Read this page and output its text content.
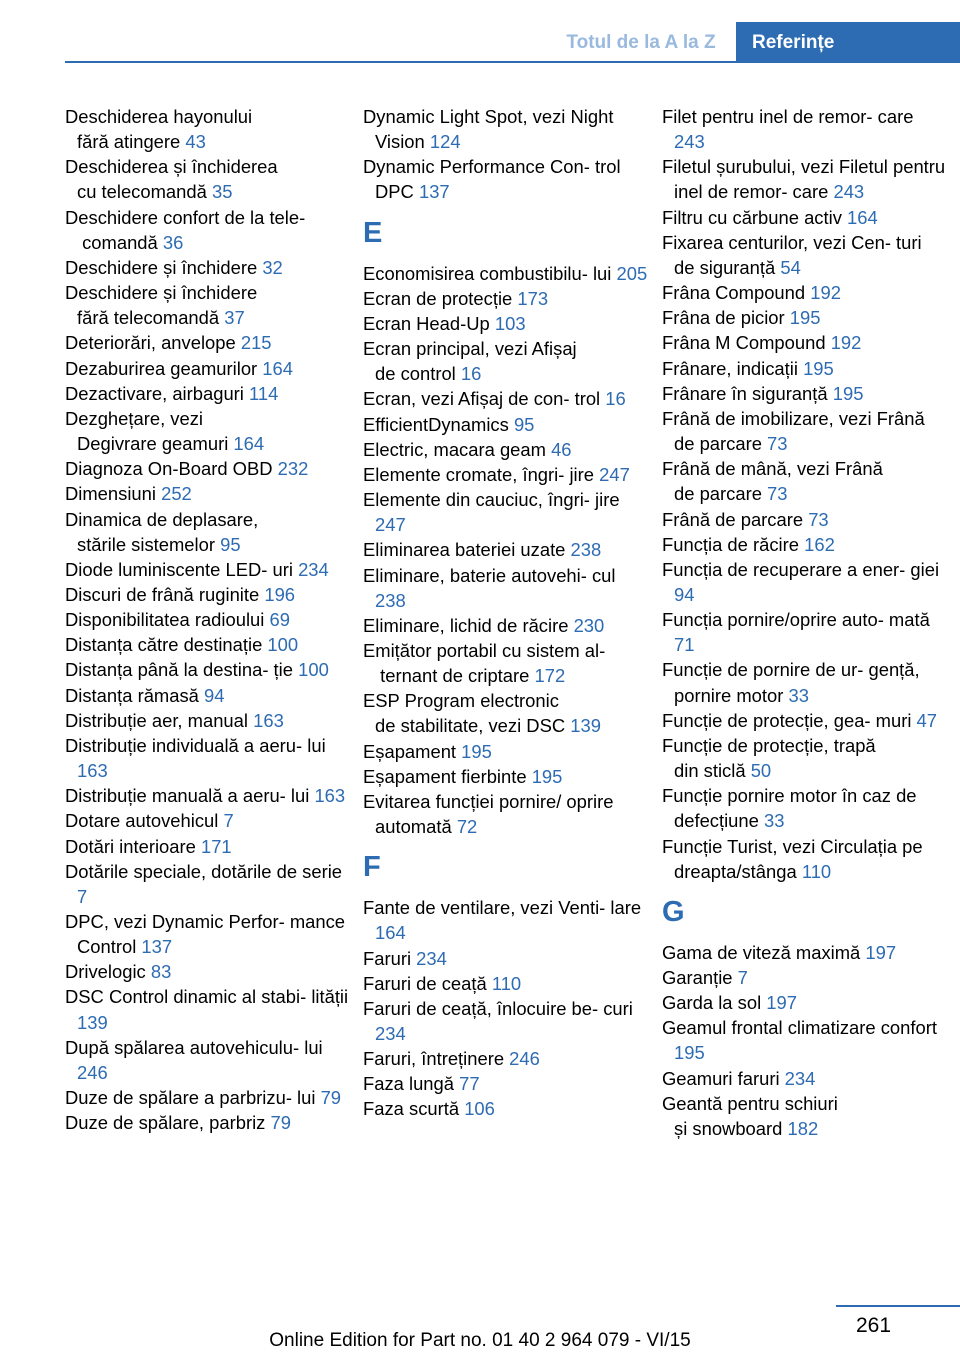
Totul de la A la Z	Referințe
Deschiderea hayonului fără atingere 43
Deschiderea și închiderea cu telecomandă 35
Deschidere confort de la tele‐ comandă 36
Deschidere și închidere 32
Deschidere și închidere fără telecomandă 37
Deteriorări, anvelope 215
Dezaburirea geamurilor 164
Dezactivare, airbaguri 114
Dezghețare, vezi Degivrare geamuri 164
Diagnoza On-Board OBD 232
Dimensiuni 252
Dinamica de deplasare, stările sistemelor 95
Diode luminiscente LED- uri 234
Discuri de frână ruginite 196
Disponibilitatea radioului 69
Distanța către destinație 100
Distanța până la destina‐ ție 100
Distanța rămasă 94
Distribuție aer, manual 163
Distribuție individuală a aeru‐ lui 163
Distribuție manuală a aeru‐ lui 163
Dotare autovehicul 7
Dotări interioare 171
Dotările speciale, dotările de serie 7
DPC, vezi Dynamic Perfor‐ mance Control 137
Drivelogic 83
DSC Control dinamic al stabi‐ lității 139
După spălarea autovehiculu‐ lui 246
Duze de spălare a parbrizu‐ lui 79
Duze de spălare, parbriz 79
Dynamic Light Spot, vezi Night Vision 124
Dynamic Performance Con‐ trol DPC 137
E
Economisirea combustibilu‐ lui 205
Ecran de protecție 173
Ecran Head-Up 103
Ecran principal, vezi Afișaj de control 16
Ecran, vezi Afișaj de con‐ trol 16
EfficientDynamics 95
Electric, macara geam 46
Elemente cromate, îngri‐ jire 247
Elemente din cauciuc, îngri‐ jire 247
Eliminarea bateriei uzate 238
Eliminare, baterie autovehi‐ cul 238
Eliminare, lichid de răcire 230
Emițător portabil cu sistem al‐ ternant de criptare 172
ESP Program electronic de stabilitate, vezi DSC 139
Eșapament 195
Eșapament fierbinte 195
Evitarea funcției pornire/ oprire automată 72
F
Fante de ventilare, vezi Venti‐ lare 164
Faruri 234
Faruri de ceață 110
Faruri de ceață, înlocuire be‐ curi 234
Faruri, întreținere 246
Faza lungă 77
Faza scurtă 106
Filet pentru inel de remor‐ care 243
Filetul șurubului, vezi Filetul pentru inel de remor‐ care 243
Filtru cu cărbune activ 164
Fixarea centurilor, vezi Cen‐ turi de siguranță 54
Frâna Compound 192
Frâna de picior 195
Frâna M Compound 192
Frânare, indicații 195
Frânare în siguranță 195
Frână de imobilizare, vezi Frână de parcare 73
Frână de mână, vezi Frână de parcare 73
Frână de parcare 73
Funcția de răcire 162
Funcția de recuperare a ener‐ giei 94
Funcția pornire/oprire auto‐ mată 71
Funcție de pornire de ur‐ gență, pornire motor 33
Funcție de protecție, gea‐ muri 47
Funcție de protecție, trapă din sticlă 50
Funcție pornire motor în caz de defecțiune 33
Funcție Turist, vezi Circulația pe dreapta/stânga 110
G
Gama de viteză maximă 197
Garanție 7
Garda la sol 197
Geamul frontal climatizare confort 195
Geamuri faruri 234
Geantă pentru schiuri și snowboard 182
261
Online Edition for Part no. 01 40 2 964 079 - VI/15
